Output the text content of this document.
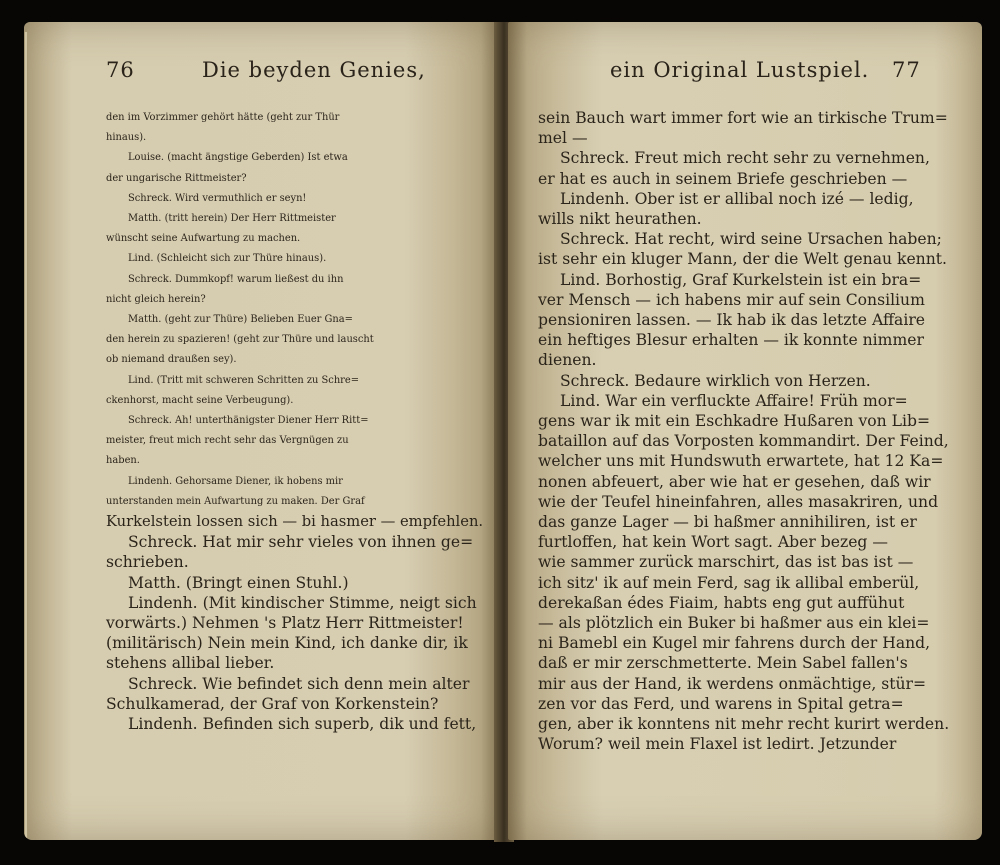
76	Die beyden Genies,

den im Vorzimmer gehört hätte (geht zur Thür

hinaus).

Louise. (macht ängstige Geberden) Ist etwa

der ungarische Rittmeister?

Schreck. Wird vermuthlich er seyn!

Matth. (tritt herein) Der Herr Rittmeister

wünscht seine Aufwartung zu machen.

Lind. (Schleicht sich zur Thüre hinaus).

Schreck. Dummkopf! warum ließest du ihn

nicht gleich herein?

Matth. (geht zur Thüre) Belieben Euer Gna=

den herein zu spazieren! (geht zur Thüre und lauscht

ob niemand draußen sey).

Lind. (Tritt mit schweren Schritten zu Schre=

ckenhorst, macht seine Verbeugung).

Schreck. Ah! unterthänigster Diener Herr Ritt=

meister, freut mich recht sehr das Vergnügen zu

haben.

Lindenh. Gehorsame Diener, ik hobens mir

unterstanden mein Aufwartung zu maken. Der Graf

Kurkelstein lossen sich — bi hasmer — empfehlen.

Schreck. Hat mir sehr vieles von ihnen ge=

schrieben.

Matth. (Bringt einen Stuhl.)

Lindenh. (Mit kindischer Stimme, neigt sich

vorwärts.) Nehmen 's Platz Herr Rittmeister!

(militärisch) Nein mein Kind, ich danke dir, ik

stehens allibal lieber.

Schreck. Wie befindet sich denn mein alter

Schulkamerad, der Graf von Korkenstein?

Lindenh. Befinden sich superb, dik und fett,

ein Original Lustspiel. 77

sein Bauch wart immer fort wie an tirkische Trum=

mel —

Schreck. Freut mich recht sehr zu vernehmen,

er hat es auch in seinem Briefe geschrieben —

Lindenh. Ober ist er allibal noch izé — ledig,

wills nikt heurathen.

Schreck. Hat recht, wird seine Ursachen haben;

ist sehr ein kluger Mann, der die Welt genau kennt.

Lind. Borhostig, Graf Kurkelstein ist ein bra=

ver Mensch — ich habens mir auf sein Consilium

pensioniren lassen. — Ik hab ik das letzte Affaire

ein heftiges Blesur erhalten — ik konnte nimmer

dienen.

Schreck. Bedaure wirklich von Herzen.

Lind. War ein verfluckte Affaire! Früh mor=

gens war ik mit ein Eschkadre Hußaren von Lib=

bataillon auf das Vorposten kommandirt. Der Feind,

welcher uns mit Hundswuth erwartete, hat 12 Ka=

nonen abfeuert, aber wie hat er gesehen, daß wir

wie der Teufel hineinfahren, alles masakriren, und

das ganze Lager — bi haßmer annihiliren, ist er

furtloffen, hat kein Wort sagt. Aber bezeg —

wie sammer zurück marschirt, das ist bas ist —

ich sitz' ik auf mein Ferd, sag ik allibal emberül,

derekaßan édes Fiaim, habts eng gut auffühut

— als plötzlich ein Buker bi haßmer aus ein klei=

ni Bamebl ein Kugel mir fahrens durch der Hand,

daß er mir zerschmetterte. Mein Sabel fallen's

mir aus der Hand, ik werdens onmächtige, stür=

zen vor das Ferd, und warens in Spital getra=

gen, aber ik konntens nit mehr recht kurirt werden.

Worum? weil mein Flaxel ist ledirt. Jetzunder
